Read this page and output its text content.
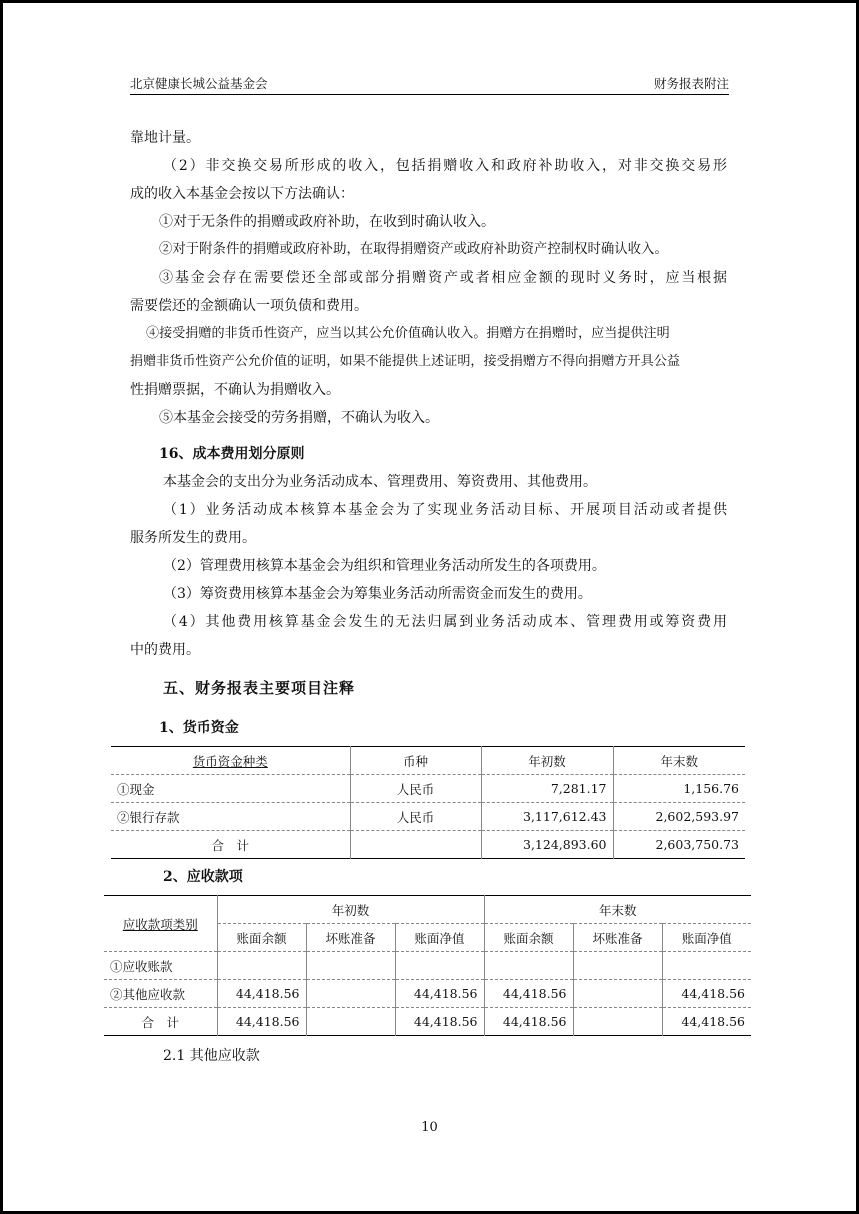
北京健康长城公益基金会	财务报表附注

靠地计量。

（2）非交换交易所形成的收入，包括捐赠收入和政府补助收入，对非交换交易形

成的收入本基金会按以下方法确认：

①对于无条件的捐赠或政府补助，在收到时确认收入。

②对于附条件的捐赠或政府补助，在取得捐赠资产或政府补助资产控制权时确认收入。

③基金会存在需要偿还全部或部分捐赠资产或者相应金额的现时义务时，应当根据

需要偿还的金额确认一项负债和费用。

④接受捐赠的非货币性资产，应当以其公允价值确认收入。捐赠方在捐赠时，应当提供注明

捐赠非货币性资产公允价值的证明，如果不能提供上述证明，接受捐赠方不得向捐赠方开具公益

性捐赠票据，不确认为捐赠收入。

⑤本基金会接受的劳务捐赠，不确认为收入。

16、成本费用划分原则

本基金会的支出分为业务活动成本、管理费用、筹资费用、其他费用。

（1）业务活动成本核算本基金会为了实现业务活动目标、开展项目活动或者提供

服务所发生的费用。

（2）管理费用核算本基金会为组织和管理业务活动所发生的各项费用。

（3）筹资费用核算本基金会为筹集业务活动所需资金而发生的费用。

（4）其他费用核算基金会发生的无法归属到业务活动成本、管理费用或筹资费用

中的费用。

五、财务报表主要项目注释

1、货币资金

货币资金种类	币种	年初数	年末数
①现金	人民币	7,281.17	1,156.76
②银行存款	人民币	3,117,612.43	2,602,593.97
合　计		3,124,893.60	2,603,750.73

2、应收款项

应收款项类别	年初数			年末数		
	账面余额	坏账准备	账面净值	账面余额	坏账准备	账面净值
①应收账款						
②其他应收款	44,418.56		44,418.56	44,418.56		44,418.56
合　计	44,418.56		44,418.56	44,418.56		44,418.56

2.1 其他应收款

10
